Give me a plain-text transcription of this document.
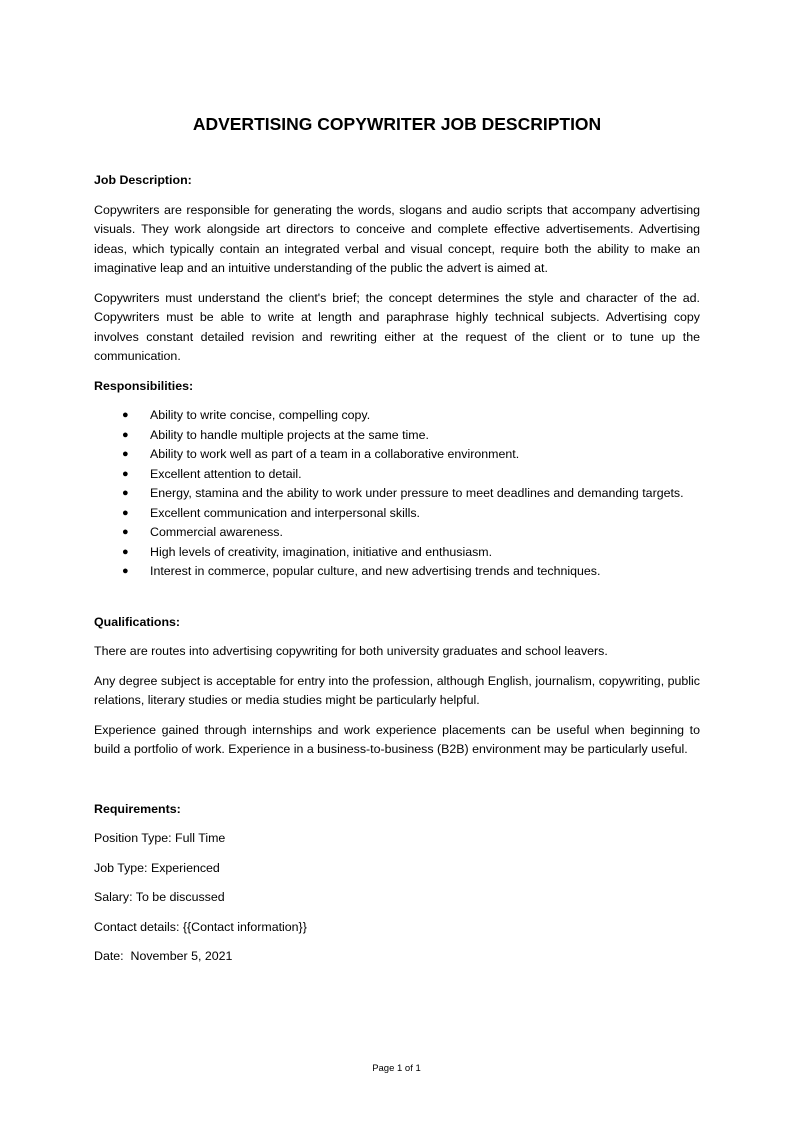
ADVERTISING COPYWRITER JOB DESCRIPTION
Job Description:

Copywriters are responsible for generating the words, slogans and audio scripts that accompany advertising visuals. They work alongside art directors to conceive and complete effective advertisements. Advertising ideas, which typically contain an integrated verbal and visual concept, require both the ability to make an imaginative leap and an intuitive understanding of the public the advert is aimed at.

Copywriters must understand the client's brief; the concept determines the style and character of the ad. Copywriters must be able to write at length and paraphrase highly technical subjects. Advertising copy involves constant detailed revision and rewriting either at the request of the client or to tune up the communication.

Responsibilities:
● Ability to write concise, compelling copy.
● Ability to handle multiple projects at the same time.
● Ability to work well as part of a team in a collaborative environment.
● Excellent attention to detail.
● Energy, stamina and the ability to work under pressure to meet deadlines and demanding targets.
● Excellent communication and interpersonal skills.
● Commercial awareness.
● High levels of creativity, imagination, initiative and enthusiasm.
● Interest in commerce, popular culture, and new advertising trends and techniques.
Qualifications:

There are routes into advertising copywriting for both university graduates and school leavers.

Any degree subject is acceptable for entry into the profession, although English, journalism, copywriting, public relations, literary studies or media studies might be particularly helpful.

Experience gained through internships and work experience placements can be useful when beginning to build a portfolio of work. Experience in a business-to-business (B2B) environment may be particularly useful.

Requirements:

Position Type: Full Time

Job Type: Experienced

Salary: To be discussed

Contact details: {{Contact information}}

Date:  November 5, 2021

Page 1 of 1
